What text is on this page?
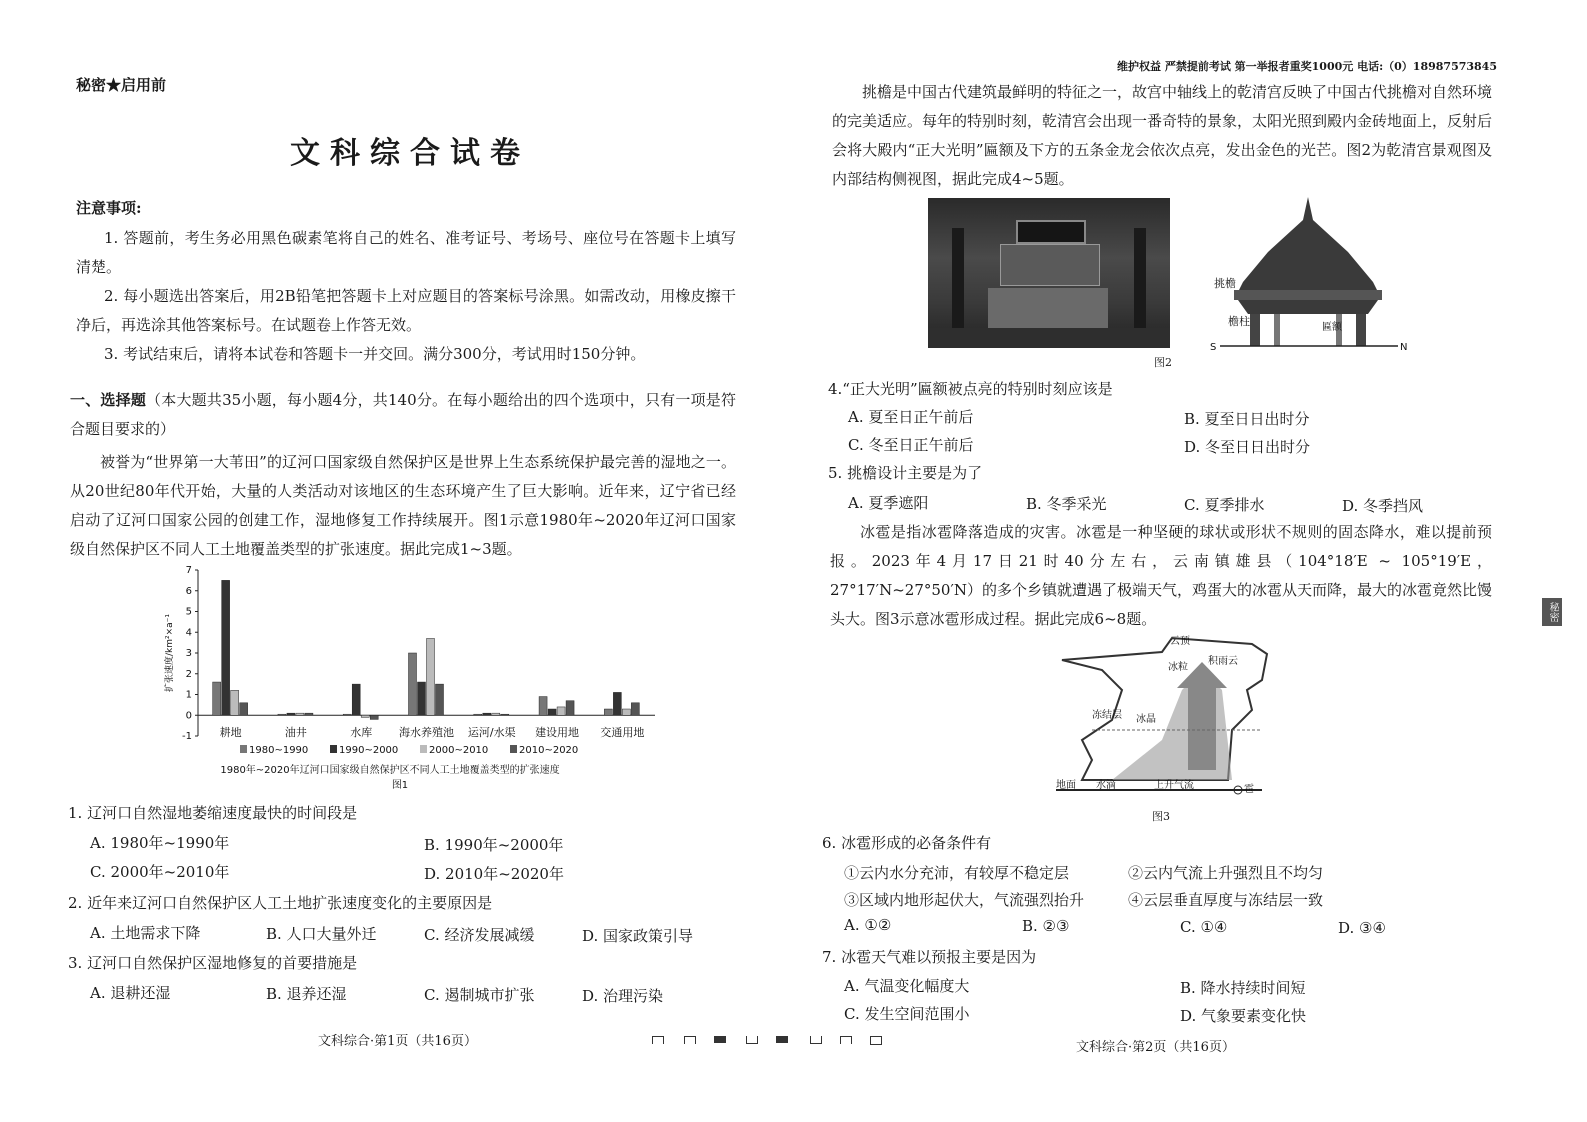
秘密★启用前
文科综合试卷
注意事项:
1. 答题前，考生务必用黑色碳素笔将自己的姓名、准考证号、考场号、座位号在答题卡上填写清楚。
2. 每小题选出答案后，用2B铅笔把答题卡上对应题目的答案标号涂黑。如需改动，用橡皮擦干净后，再选涂其他答案标号。在试题卷上作答无效。
3. 考试结束后，请将本试卷和答题卡一并交回。满分300分，考试用时150分钟。
一、选择题（本大题共35小题，每小题4分，共140分。在每小题给出的四个选项中，只有一项是符合题目要求的）
被誉为“世界第一大苇田”的辽河口国家级自然保护区是世界上生态系统保护最完善的湿地之一。从20世纪80年代开始，大量的人类活动对该地区的生态环境产生了巨大影响。近年来，辽宁省已经启动了辽河口国家公园的创建工作，湿地修复工作持续展开。图1示意1980年~2020年辽河口国家级自然保护区不同人工土地覆盖类型的扩张速度。据此完成1~3题。
-1
0
1
2
3
4
5
6
7
扩张速度/km²×a⁻¹
耕地	油井	水库 海水养殖池 运河/水渠 建设用地 交通用地
1980~1990	1990~2000	2000~2010	2010~2020
1980年~2020年辽河口国家级自然保护区不同人工土地覆盖类型的扩张速度
图1
1. 辽河口自然湿地萎缩速度最快的时间段是
A. 1980年~1990年	B. 1990年~2000年
C. 2000年~2010年	D. 2010年~2020年
2. 近年来辽河口自然保护区人工土地扩张速度变化的主要原因是
A. 土地需求下降	B. 人口大量外迁	C. 经济发展减缓	D. 国家政策引导
3. 辽河口自然保护区湿地修复的首要措施是
A. 退耕还湿	B. 退养还湿	C. 遏制城市扩张	D. 治理污染
文科综合·第1页（共16页）
维护权益 严禁提前考试 第一举报者重奖1000元 电话:（0）18987573845
挑檐是中国古代建筑最鲜明的特征之一，故宫中轴线上的乾清宫反映了中国古代挑檐对自然环境的完美适应。每年的特别时刻，乾清宫会出现一番奇特的景象，太阳光照到殿内金砖地面上，反射后会将大殿内“正大光明”匾额及下方的五条金龙会依次点亮，发出金色的光芒。图2为乾清宫景观图及内部结构侧视图，据此完成4~5题。
挑檐
檐柱	匾额
S	N
图2
4.“正大光明”匾额被点亮的特别时刻应该是
A. 夏至日正午前后	B. 夏至日日出时分
C. 冬至日正午前后	D. 冬至日日出时分
5. 挑檐设计主要是为了
A. 夏季遮阳	B. 冬季采光	C. 夏季排水	D. 冬季挡风
冰雹是指冰雹降落造成的灾害。冰雹是一种坚硬的球状或形状不规则的固态降水，难以提前预报。2023年4月17日21时40分左右，云南镇雄县（104°18′E ~ 105°19′E，27°17′N~27°50′N）的多个乡镇就遭遇了极端天气，鸡蛋大的冰雹从天而降，最大的冰雹竟然比馒头大。图3示意冰雹形成过程。据此完成6~8题。
云顶
积雨云
冰粒
冻结层 冰晶
地面 水滴	上升气流	雹
图3
6. 冰雹形成的必备条件有
①云内水分充沛，有较厚不稳定层	②云内气流上升强烈且不均匀
③区域内地形起伏大，气流强烈抬升	④云层垂直厚度与冻结层一致
A. ①②	B. ②③	C. ①④	D. ③④
7. 冰雹天气难以预报主要是因为
A. 气温变化幅度大	B. 降水持续时间短
C. 发生空间范围小	D. 气象要素变化快
文科综合·第2页（共16页）
秘密
